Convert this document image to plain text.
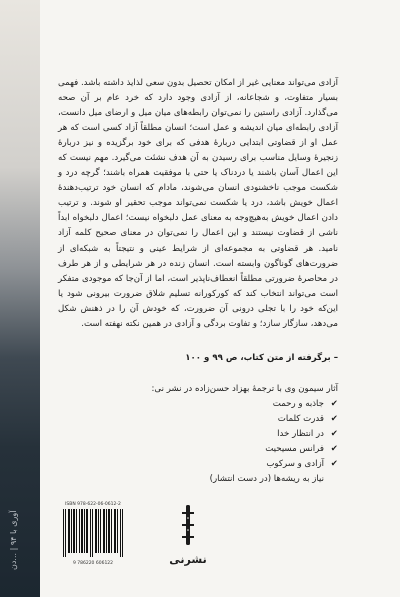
آوری با ۹۴ | ...دن

آزادی می‌تواند معنایی غیر از امکان تحصیل بدون سعی لذایذ داشته باشد. فهمی بسیار متفاوت، و شجاعانه، از آزادی وجود دارد که خرد عام بر آن صحه می‌گذارد. آزادی راستین را نمی‌توان رابطه‌های میان میل و ارضای میل دانست، آزادی رابطه‌ای میان اندیشه و عمل است؛ انسان مطلقاً آزاد کسی است که هر عمل او از قضاوتی ابتدایی دربارهٔ هدفی که برای خود برگزیده و نیز دربارهٔ زنجیرهٔ وسایل مناسب برای رسیدن به آن هدف نشئت می‌گیرد. مهم نیست که این اعمال آسان باشند یا دردناک یا حتی با موفقیت همراه باشند؛ گرچه درد و شکست موجب ناخشنودی انسان می‌شوند، مادام که انسان خود ترتیب‌دهندهٔ اعمال خویش باشد، درد یا شکست نمی‌تواند موجب تحقیر او شوند. و ترتیب دادن اعمال خویش به‌هیچ‌وجه به معنای عمل دلبخواه نیست؛ اعمال دلبخواه ابداً ناشی از قضاوت نیستند و این اعمال را نمی‌توان در معنای صحیح کلمه آزاد نامید. هر قضاوتی به مجموعه‌ای از شرایط عینی و نتیجتاً به شبکه‌ای از ضرورت‌های گوناگون وابسته است. انسان زنده در هر شرایطی و از هر طرف در محاصرهٔ ضرورتی مطلقاً انعطاف‌ناپذیر است، اما از آن‌جا که موجودی متفکر است می‌تواند انتخاب کند که کورکورانه تسلیم شلاق ضرورت بیرونی شود یا این‌که خود را با تجلی درونی آن ضرورت، که خودش آن را در ذهنش شکل می‌دهد، سازگار سازد؛ و تفاوت بردگی و آزادی در همین نکته نهفته است.

– برگرفته از متن کتاب، ص ۹۹ و ۱۰۰
آثار سیمون وی با ترجمهٔ بهزاد حسن‌زاده در نشر نی:
✔جاذبه و رحمت
✔قدرت کلمات
✔در انتظار خدا
✔فرانس مسیحیت
✔آزادی و سرکوب
نیاز به ریشه‌ها (در دست انتشار)
ISBN 978-622-06-0612-2
9 786220 606122	نشرنی
